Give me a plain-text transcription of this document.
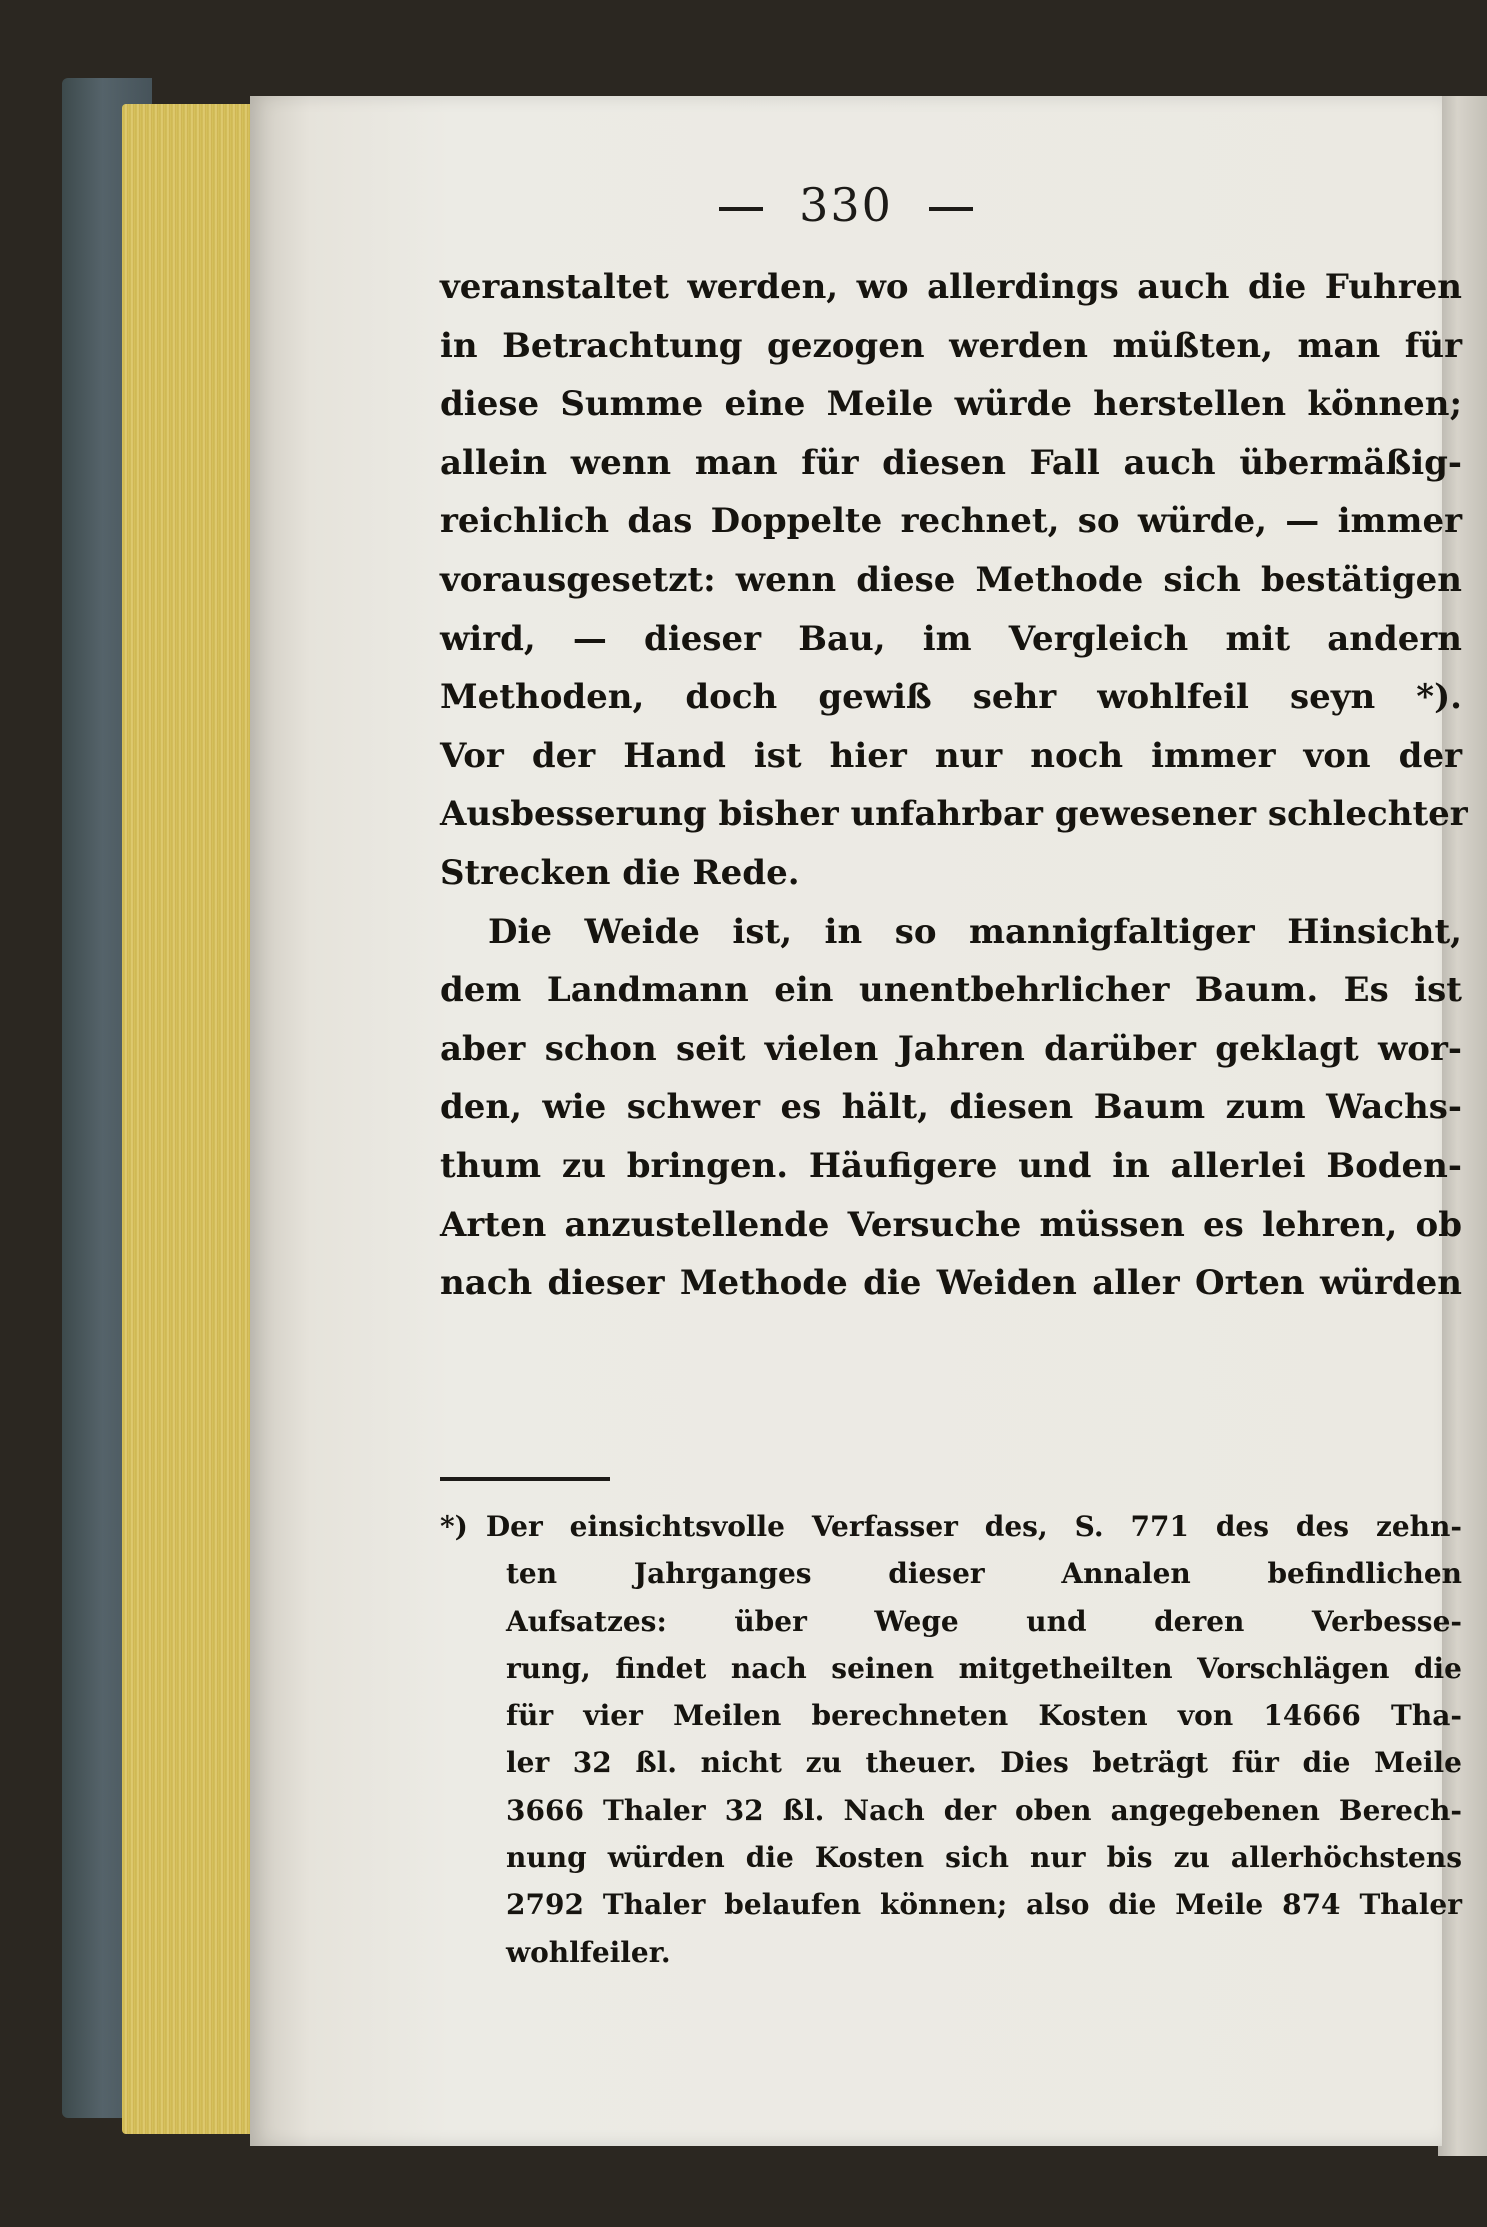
330
veranstaltet werden, wo allerdings auch die Fuhren
in Betrachtung gezogen werden müßten, man für
diese Summe eine Meile würde herstellen können;
allein wenn man für diesen Fall auch übermäßig-
reichlich das Doppelte rechnet, so würde, — immer
vorausgesetzt: wenn diese Methode sich bestätigen
wird, — dieser Bau, im Vergleich mit andern
Methoden, doch gewiß sehr wohlfeil seyn *).
Vor der Hand ist hier nur noch immer von der
Ausbesserung bisher unfahrbar gewesener schlechter
Strecken die Rede.
Die Weide ist, in so mannigfaltiger Hinsicht,
dem Landmann ein unentbehrlicher Baum. Es ist
aber schon seit vielen Jahren darüber geklagt wor-
den, wie schwer es hält, diesen Baum zum Wachs-
thum zu bringen. Häufigere und in allerlei Boden-
Arten anzustellende Versuche müssen es lehren, ob
nach dieser Methode die Weiden aller Orten würden
*) Der einsichtsvolle Verfasser des, S. 771 des des zehn-
ten Jahrganges dieser Annalen befindlichen
Aufsatzes: über Wege und deren Verbesse-
rung, findet nach seinen mitgetheilten Vorschlägen die
für vier Meilen berechneten Kosten von 14666 Tha-
ler 32 ßl. nicht zu theuer. Dies beträgt für die Meile
3666 Thaler 32 ßl. Nach der oben angegebenen Berech-
nung würden die Kosten sich nur bis zu allerhöchstens
2792 Thaler belaufen können; also die Meile 874 Thaler
wohlfeiler.
